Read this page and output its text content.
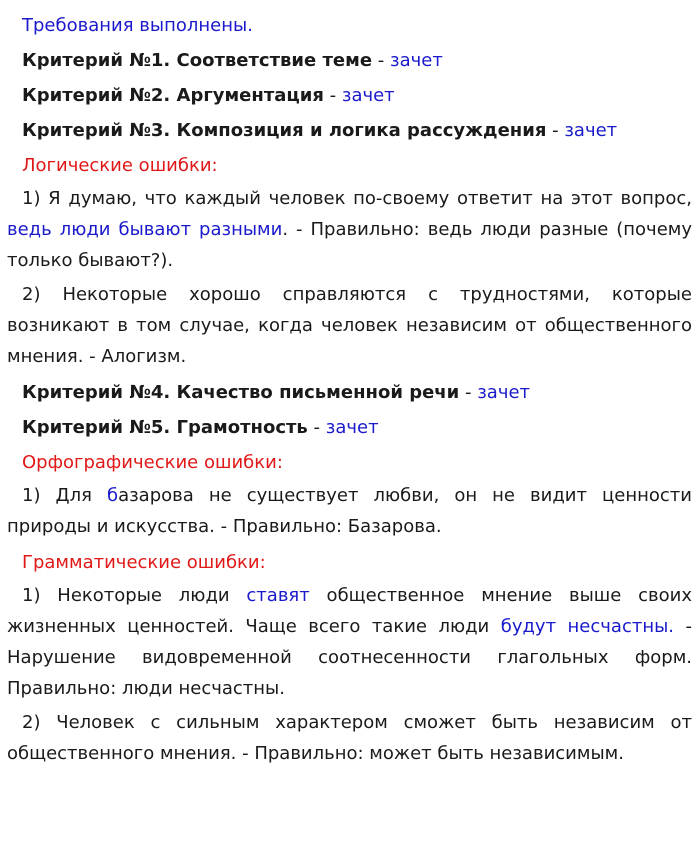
Требования выполнены.

Критерий №1. Соответствие теме - зачет

Критерий №2. Аргументация - зачет

Критерий №3. Композиция и логика рассуждения - зачет

Логические ошибки:

1) Я думаю, что каждый человек по-своему ответит на этот вопрос, ведь люди бывают разными. - Правильно: ведь люди разные (почему только бывают?).

2) Некоторые хорошо справляются с трудностями, которые возникают в том случае, когда человек независим от общественного мнения. - Алогизм.

Критерий №4. Качество письменной речи - зачет

Критерий №5. Грамотность - зачет

Орфографические ошибки:

1) Для базарова не существует любви, он не видит ценности природы и искусства. - Правильно: Базарова.

Грамматические ошибки:

1) Некоторые люди ставят общественное мнение выше своих жизненных ценностей. Чаще всего такие люди будут несчастны. - Нарушение видовременной соотнесенности глагольных форм. Правильно: люди несчастны.

2) Человек с сильным характером сможет быть независим от общественного мнения. - Правильно: может быть независимым.
